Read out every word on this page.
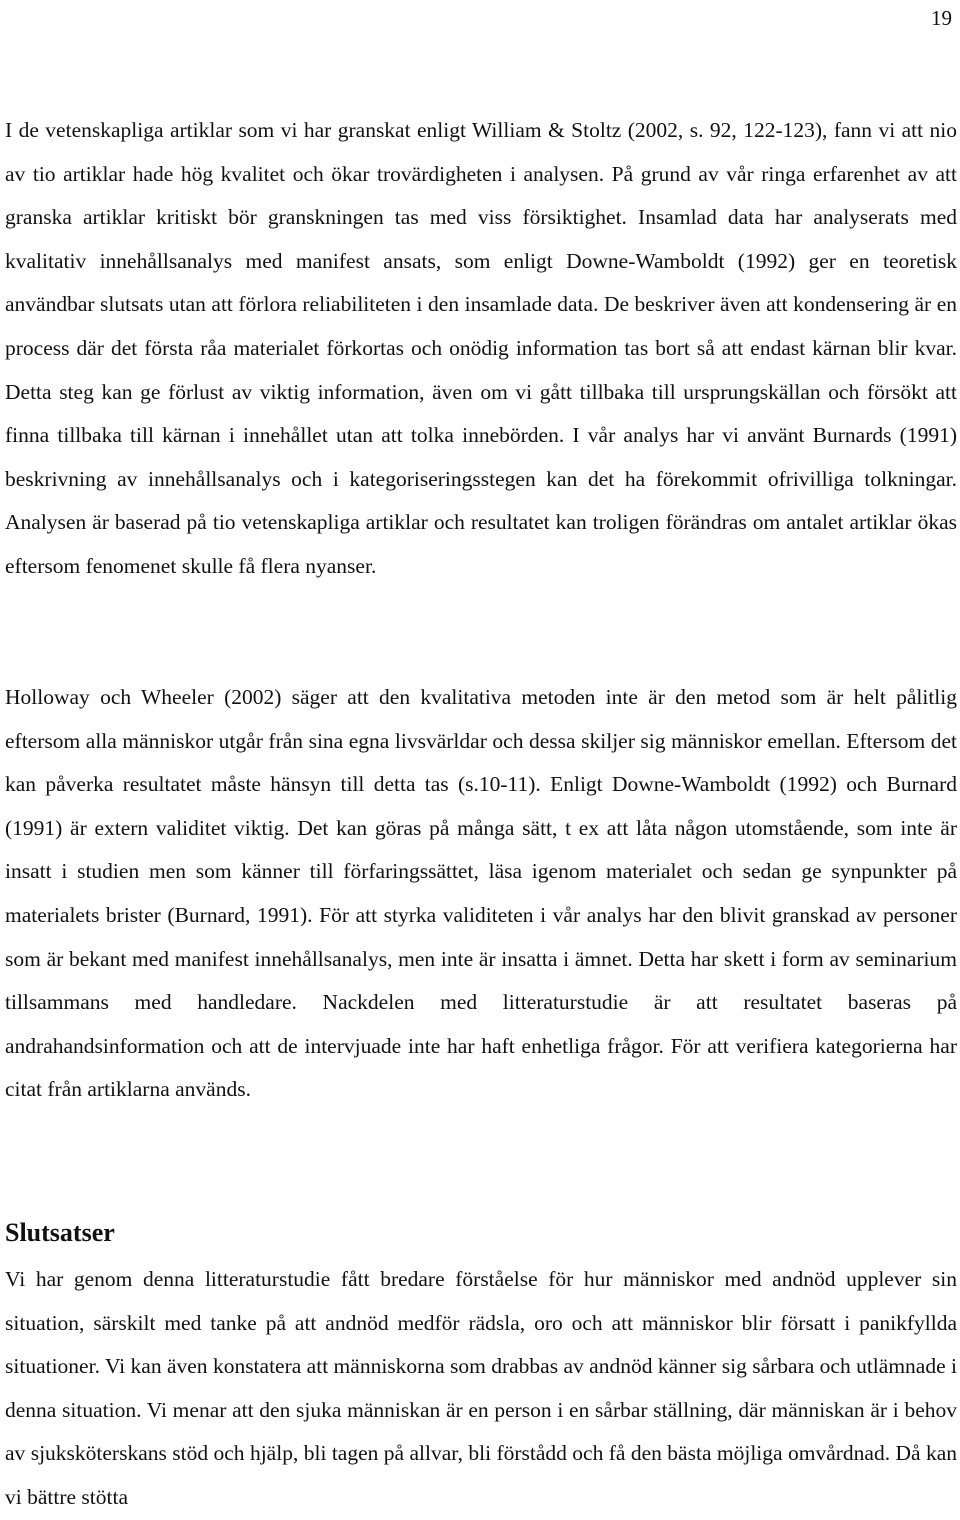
19

I de vetenskapliga artiklar som vi har granskat enligt William & Stoltz (2002, s. 92, 122-123), fann vi att nio av tio artiklar hade hög kvalitet och ökar trovärdigheten i analysen. På grund av vår ringa erfarenhet av att granska artiklar kritiskt bör granskningen tas med viss försiktighet. Insamlad data har analyserats med kvalitativ innehållsanalys med manifest ansats, som enligt Downe-Wamboldt (1992) ger en teoretisk användbar slutsats utan att förlora reliabiliteten i den insamlade data. De beskriver även att kondensering är en process där det första råa materialet förkortas och onödig information tas bort så att endast kärnan blir kvar. Detta steg kan ge förlust av viktig information, även om vi gått tillbaka till ursprungskällan och försökt att finna tillbaka till kärnan i innehållet utan att tolka innebörden. I vår analys har vi använt Burnards (1991) beskrivning av innehållsanalys och i kategoriseringsstegen kan det ha förekommit ofrivilliga tolkningar. Analysen är baserad på tio vetenskapliga artiklar och resultatet kan troligen förändras om antalet artiklar ökas eftersom fenomenet skulle få flera nyanser.

Holloway och Wheeler (2002) säger att den kvalitativa metoden inte är den metod som är helt pålitlig eftersom alla människor utgår från sina egna livsvärldar och dessa skiljer sig människor emellan. Eftersom det kan påverka resultatet måste hänsyn till detta tas (s.10-11). Enligt Downe-Wamboldt (1992) och Burnard (1991) är extern validitet viktig. Det kan göras på många sätt, t ex att låta någon utomstående, som inte är insatt i studien men som känner till förfaringssättet, läsa igenom materialet och sedan ge synpunkter på materialets brister (Burnard, 1991). För att styrka validiteten i vår analys har den blivit granskad av personer som är bekant med manifest innehållsanalys, men inte är insatta i ämnet. Detta har skett i form av seminarium tillsammans med handledare. Nackdelen med litteraturstudie är att resultatet baseras på andrahandsinformation och att de intervjuade inte har haft enhetliga frågor. För att verifiera kategorierna har citat från artiklarna används.

Slutsatser

Vi har genom denna litteraturstudie fått bredare förståelse för hur människor med andnöd upplever sin situation, särskilt med tanke på att andnöd medför rädsla, oro och att människor blir försatt i panikfyllda situationer. Vi kan även konstatera att människorna som drabbas av andnöd känner sig sårbara och utlämnade i denna situation. Vi menar att den sjuka människan är en person i en sårbar ställning, där människan är i behov av sjuksköterskans stöd och hjälp, bli tagen på allvar, bli förstådd och få den bästa möjliga omvårdnad. Då kan vi bättre stötta
